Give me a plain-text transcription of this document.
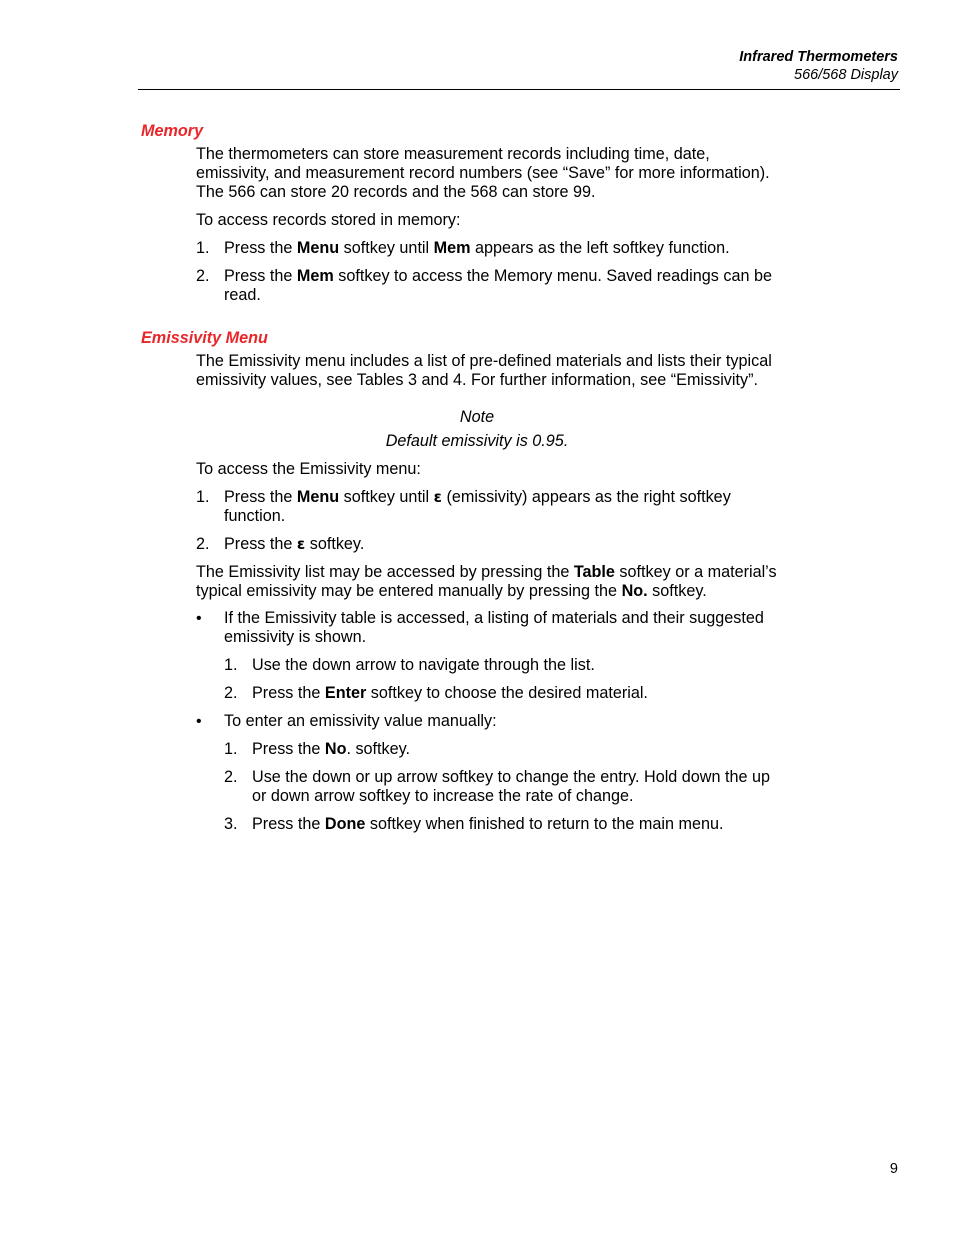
Infrared Thermometers
566/568 Display
Memory
The thermometers can store measurement records including time, date,
emissivity, and measurement record numbers (see “Save” for more information).
The 566 can store 20 records and the 568 can store 99.
To access records stored in memory:
1. Press the Menu softkey until Mem appears as the left softkey function.
2. Press the Mem softkey to access the Memory menu. Saved readings can be
read.
Emissivity Menu
The Emissivity menu includes a list of pre-defined materials and lists their typical
emissivity values, see Tables 3 and 4. For further information, see “Emissivity”.
Note
Default emissivity is 0.95.
To access the Emissivity menu:
1. Press the Menu softkey until ε (emissivity) appears as the right softkey
function.
2. Press the ε softkey.
The Emissivity list may be accessed by pressing the Table softkey or a material’s
typical emissivity may be entered manually by pressing the No. softkey.
• If the Emissivity table is accessed, a listing of materials and their suggested
emissivity is shown.
1. Use the down arrow to navigate through the list.
2. Press the Enter softkey to choose the desired material.
• To enter an emissivity value manually:
1. Press the No. softkey.
2. Use the down or up arrow softkey to change the entry. Hold down the up
or down arrow softkey to increase the rate of change.
3. Press the Done softkey when finished to return to the main menu.
9
